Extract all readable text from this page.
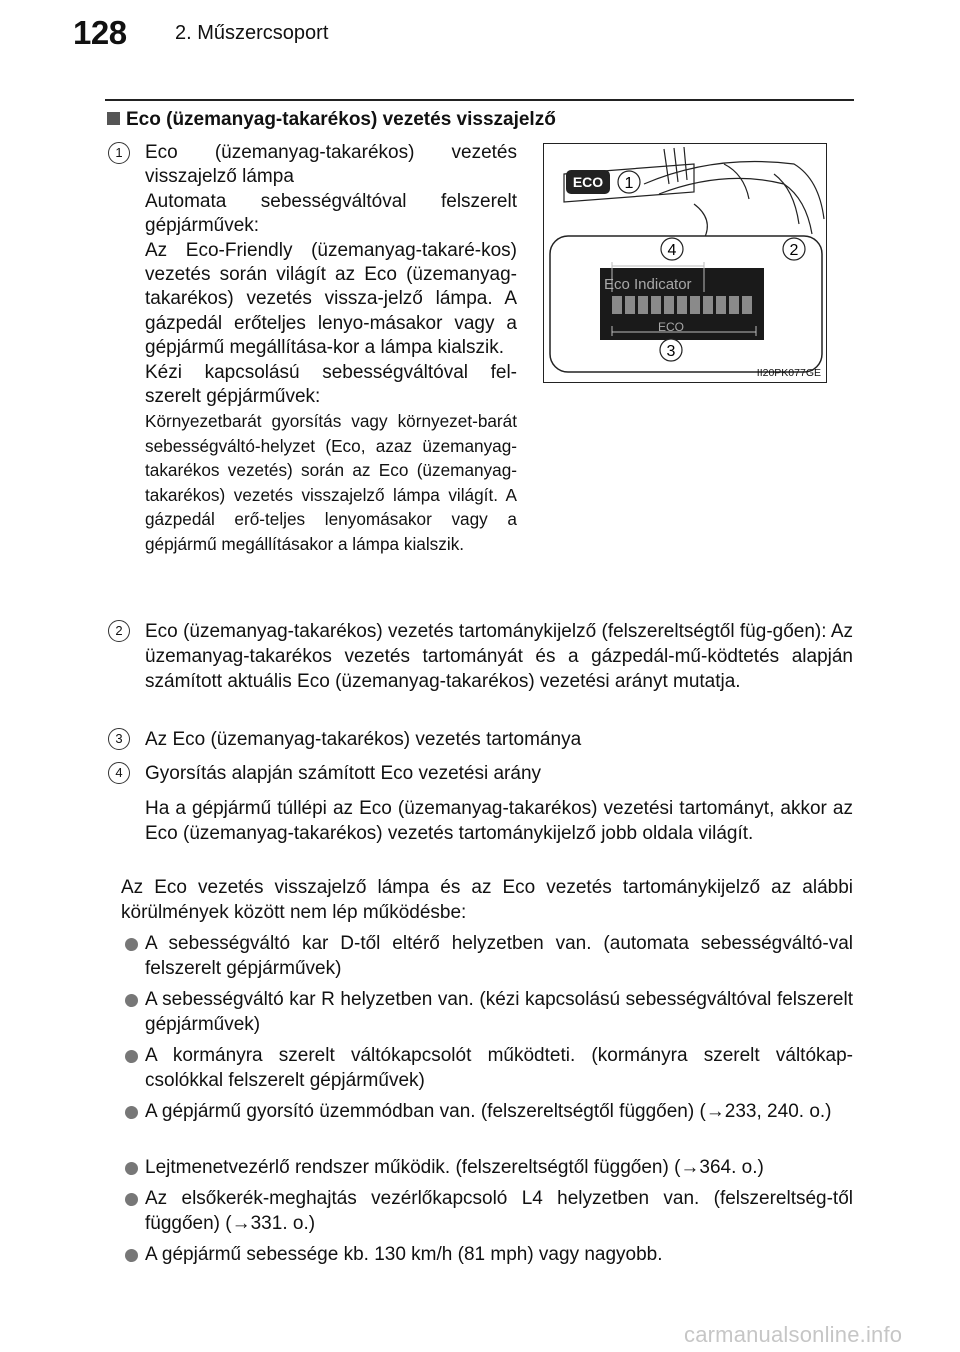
128 2. Műszercsoport
Eco (üzemanyag-takarékos) vezetés visszajelző
1	Eco (üzemanyag-takarékos) vezetés visszajelző lámpa

Automata sebességváltóval felszerelt gépjárművek:

Az Eco-Friendly (üzemanyag-takaré-kos) vezetés során világít az Eco (üzemanyag-takarékos) vezetés vissza-jelző lámpa. A gázpedál erőteljes lenyo-másakor vagy a gépjármű megállítása-kor a lámpa kialszik.

Kézi kapcsolású sebességváltóval fel-szerelt gépjárművek:

Környezetbarát gyorsítás vagy környezet-barát sebességváltó-helyzet (Eco, azaz üzemanyag-takarékos vezetés) során az Eco (üzemanyag-takarékos) vezetés visszajelző lámpa világít. A gázpedál erő-teljes lenyomásakor vagy a gépjármű megállításakor a lámpa kialszik.

ECO 1
4	2
Eco Indicator
ECO
3
II20PK077GE
2	Eco (üzemanyag-takarékos) vezetés tartománykijelző (felszereltségtől füg-gően): Az üzemanyag-takarékos vezetés tartományát és a gázpedál-mű-ködtetés alapján számított aktuális Eco (üzemanyag-takarékos) vezetési arányt mutatja.
3	Az Eco (üzemanyag-takarékos) vezetés tartománya
4	Gyorsítás alapján számított Eco vezetési arány
Ha a gépjármű túllépi az Eco (üzemanyag-takarékos) vezetési tartományt, akkor az Eco (üzemanyag-takarékos) vezetés tartománykijelző jobb oldala világít.
Az Eco vezetés visszajelző lámpa és az Eco vezetés tartománykijelző az alábbi körülmények között nem lép működésbe:
A sebességváltó kar D-től eltérő helyzetben van. (automata sebességváltó-val felszerelt gépjárművek)
A sebességváltó kar R helyzetben van. (kézi kapcsolású sebességváltóval felszerelt gépjárművek)
A kormányra szerelt váltókapcsolót működteti. (kormányra szerelt váltókap-csolókkal felszerelt gépjárművek)
A gépjármű gyorsító üzemmódban van. (felszereltségtől függően) (→233, 240. o.)
Lejtmenetvezérlő rendszer működik. (felszereltségtől függően) (→364. o.)
Az elsőkerék-meghajtás vezérlőkapcsoló L4 helyzetben van. (felszereltség-től függően) (→331. o.)
A gépjármű sebessége kb. 130 km/h (81 mph) vagy nagyobb.
carmanualsonline.info
